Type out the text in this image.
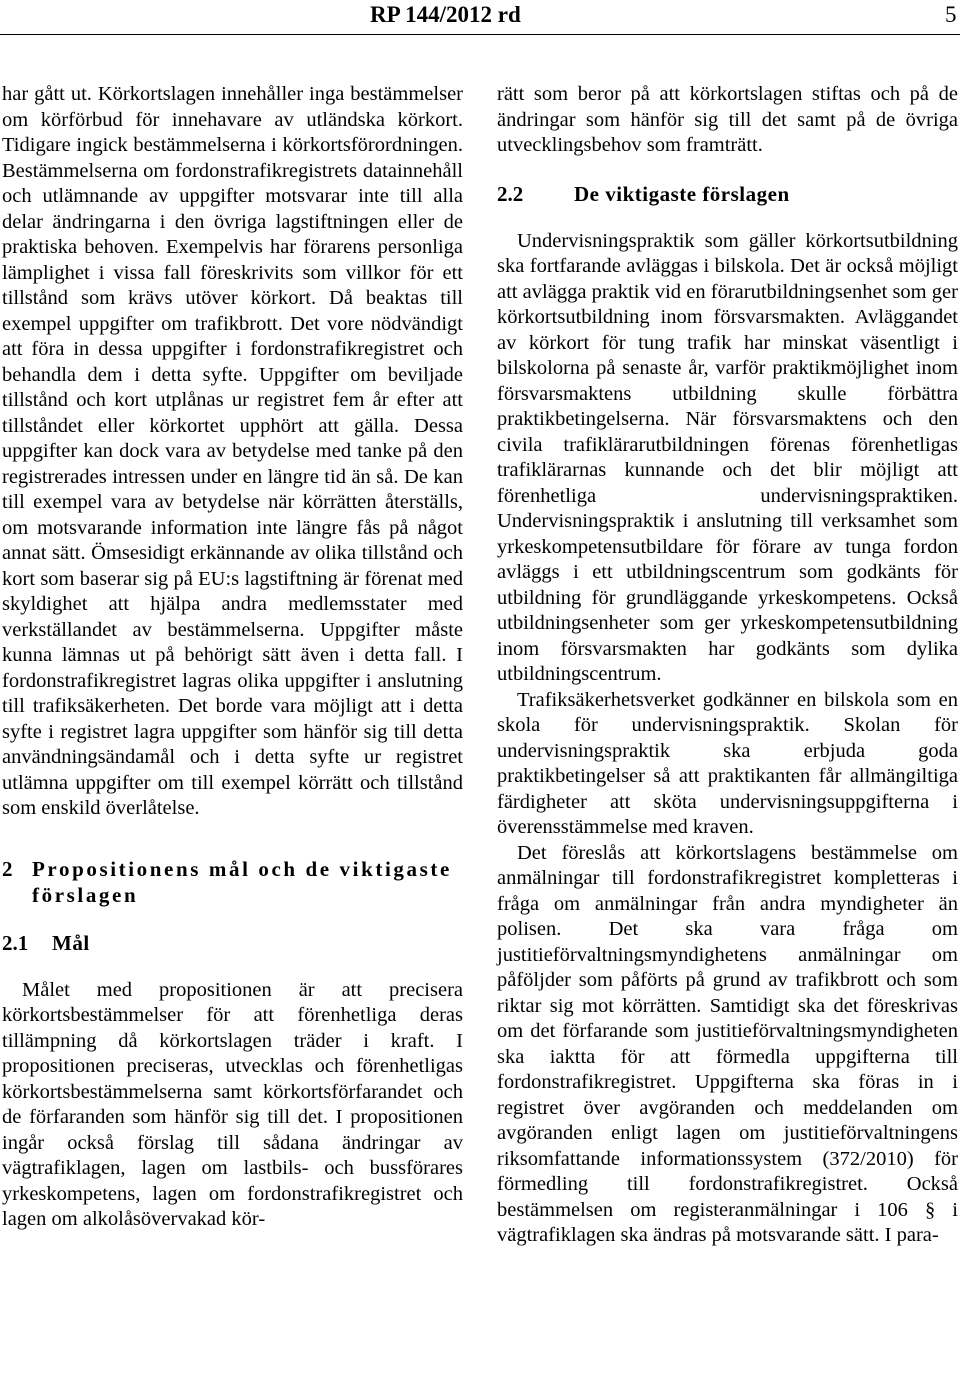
RP 144/2012 rd	5

har gått ut. Körkortslagen innehåller inga bestämmelser om körförbud för innehavare av utländska körkort. Tidigare ingick bestämmelserna i körkortsförordningen. Bestämmelserna om fordonstrafikregistrets datainnehåll och utlämnande av uppgifter motsvarar inte till alla delar ändringarna i den övriga lagstiftningen eller de praktiska behoven. Exempelvis har förarens personliga lämplighet i vissa fall föreskrivits som villkor för ett tillstånd som krävs utöver körkort. Då beaktas till exempel uppgifter om trafikbrott. Det vore nödvändigt att föra in dessa uppgifter i fordonstrafikregistret och behandla dem i detta syfte. Uppgifter om beviljade tillstånd och kort utplånas ur registret fem år efter att tillståndet eller körkortet upphört att gälla. Dessa uppgifter kan dock vara av betydelse med tanke på den registrerades intressen under en längre tid än så. De kan till exempel vara av betydelse när körrätten återställs, om motsvarande information inte längre fås på något annat sätt. Ömsesidigt erkännande av olika tillstånd och kort som baserar sig på EU:s lagstiftning är förenat med skyldighet att hjälpa andra medlemsstater med verkställandet av bestämmelserna. Uppgifter måste kunna lämnas ut på behörigt sätt även i detta fall. I fordonstrafikregistret lagras olika uppgifter i anslutning till trafiksäkerheten. Det borde vara möjligt att i detta syfte i registret lagra uppgifter som hänför sig till detta användningsändamål och i detta syfte ur registret utlämna uppgifter om till exempel körrätt och tillstånd som enskild överlåtelse.

2 Propositionens mål och de viktigaste förslagen
2.1	Mål

Målet med propositionen är att precisera körkortsbestämmelser för att förenhetliga deras tillämpning då körkortslagen träder i kraft. I propositionen preciseras, utvecklas och förenhetligas körkortsbestämmelserna samt körkortsförfarandet och de förfaranden som hänför sig till det. I propositionen ingår också förslag till sådana ändringar av vägtrafiklagen, lagen om lastbils- och bussförares yrkeskompetens, lagen om fordonstrafikregistret och lagen om alkolåsövervakad kör-

rätt som beror på att körkortslagen stiftas och på de ändringar som hänför sig till det samt på de övriga utvecklingsbehov som framträtt.

2.2	De viktigaste förslagen

Undervisningspraktik som gäller körkortsutbildning ska fortfarande avläggas i bilskola. Det är också möjligt att avlägga praktik vid en förarutbildningsenhet som ger körkortsutbildning inom försvarsmakten. Avläggandet av körkort för tung trafik har minskat väsentligt i bilskolorna på senaste år, varför praktikmöjlighet inom försvarsmaktens utbildning skulle förbättra praktikbetingelserna. När försvarsmaktens och den civila trafiklärarutbildningen förenas förenhetligas trafiklärarnas kunnande och det blir möjligt att förenhetliga undervisningspraktiken. Undervisningspraktik i anslutning till verksamhet som yrkeskompetensutbildare för förare av tunga fordon avläggs i ett utbildningscentrum som godkänts för utbildning för grundläggande yrkeskompetens. Också utbildningsenheter som ger yrkeskompetensutbildning inom försvarsmakten har godkänts som dylika utbildningscentrum.

Trafiksäkerhetsverket godkänner en bilskola som en skola för undervisningspraktik. Skolan för undervisningspraktik ska erbjuda goda praktikbetingelser så att praktikanten får allmängiltiga färdigheter att sköta undervisningsuppgifterna i överensstämmelse med kraven.

Det föreslås att körkortslagens bestämmelse om anmälningar till fordonstrafikregistret kompletteras i fråga om anmälningar från andra myndigheter än polisen. Det ska vara fråga om justitieförvaltningsmyndighetens anmälningar om påföljder som påförts på grund av trafikbrott och som riktar sig mot körrätten. Samtidigt ska det föreskrivas om det förfarande som justitieförvaltningsmyndigheten ska iaktta för att förmedla uppgifterna till fordonstrafikregistret. Uppgifterna ska föras in i registret över avgöranden och meddelanden om avgöranden enligt lagen om justitieförvaltningens riksomfattande informationssystem (372/2010) för förmedling till fordonstrafikregistret. Också bestämmelsen om registeranmälningar i 106 § i vägtrafiklagen ska ändras på motsvarande sätt. I para-
